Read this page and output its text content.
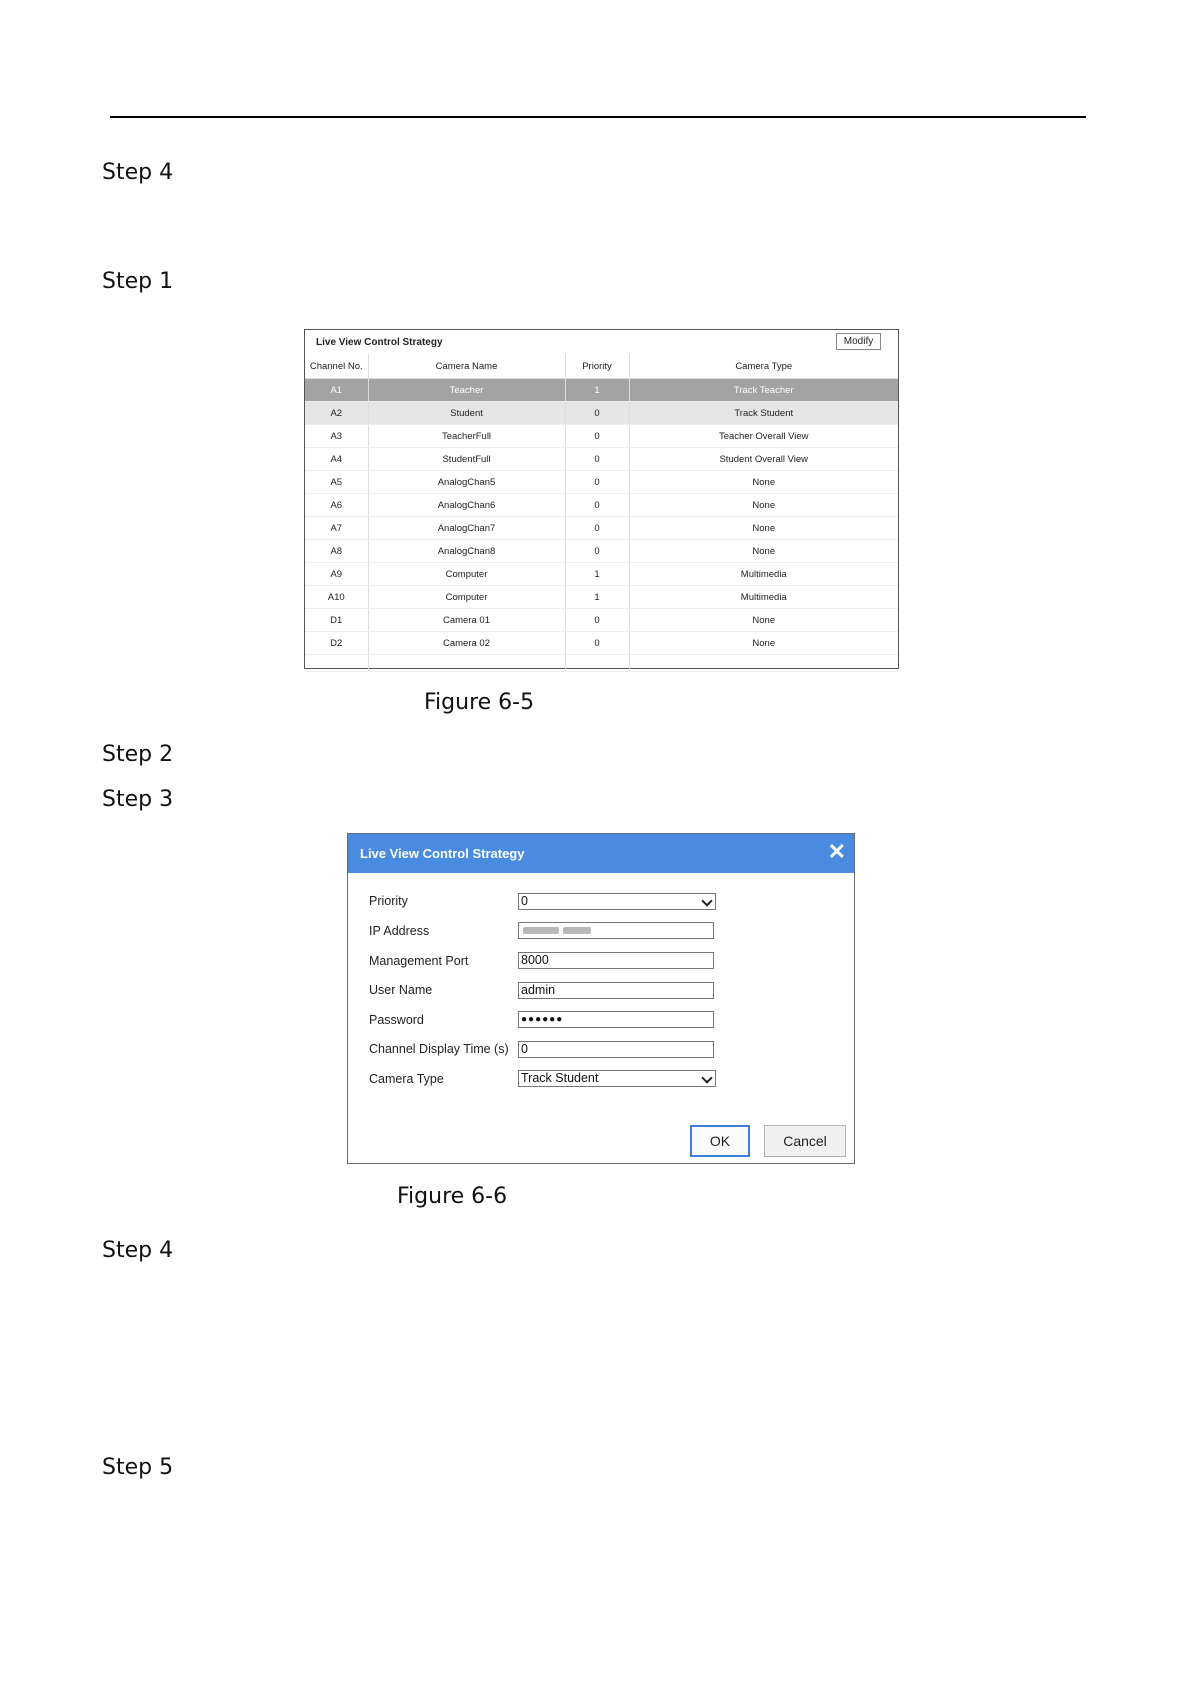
Step 4
Step 1
Live View Control Strategy	Modify
Channel No.	Camera Name	Priority	Camera Type
A1	Teacher	1	Track Teacher
A2	Student	0	Track Student
A3	TeacherFull	0	Teacher Overall View
A4	StudentFull	0	Student Overall View
A5	AnalogChan5	0	None
A6	AnalogChan6	0	None
A7	AnalogChan7	0	None
A8	AnalogChan8	0	None
A9	Computer	1	Multimedia
A10	Computer	1	Multimedia
D1	Camera 01	0	None
D2	Camera 02	0	None

Figure 6-5
Step 2
Step 3
Live View Control Strategy	✕
Priority	0
IP Address
Management Port	8000
User Name	admin
Password	●●●●●●
Channel Display Time (s) 0
Camera Type	Track Student
OK	Cancel
Figure 6-6
Step 4
Step 5
